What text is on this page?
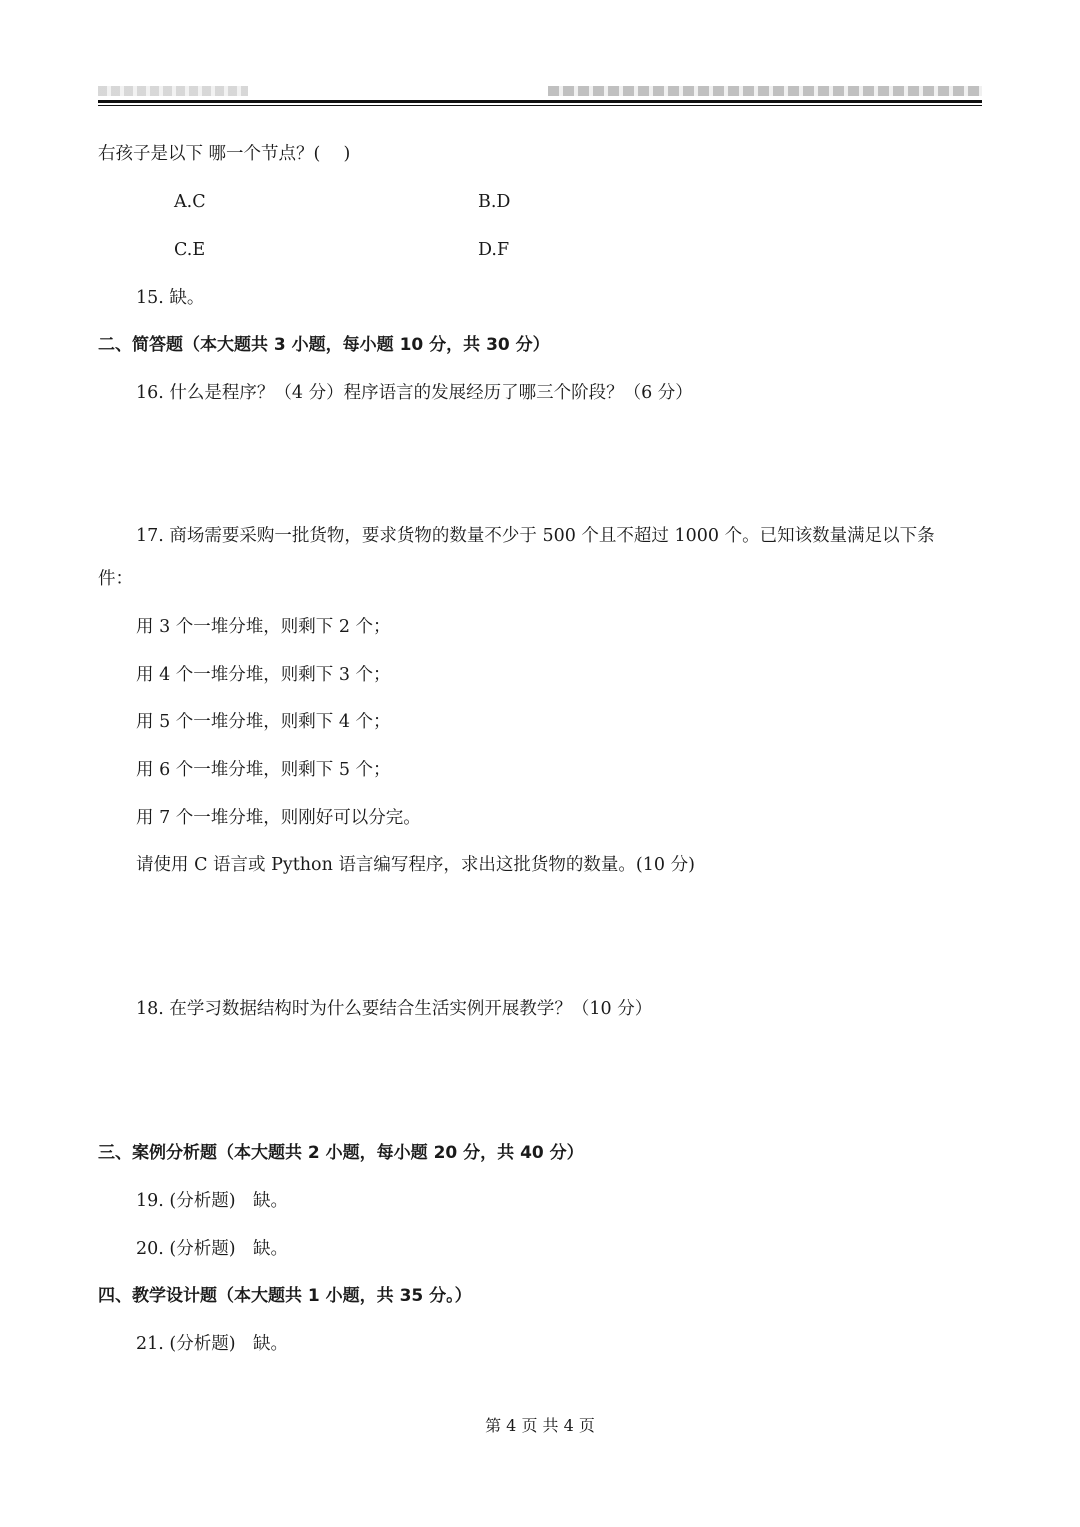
右孩子是以下 哪一个节点？(　 )
A.C	B.D
C.E	D.F
15. 缺。
二、简答题（本大题共 3 小题，每小题 10 分，共 30 分）
16. 什么是程序？（4 分）程序语言的发展经历了哪三个阶段？（6 分）
17. 商场需要采购一批货物，要求货物的数量不少于 500 个且不超过 1000 个。已知该数量满足以下条
件：
用 3 个一堆分堆，则剩下 2 个；
用 4 个一堆分堆，则剩下 3 个；
用 5 个一堆分堆，则剩下 4 个；
用 6 个一堆分堆，则剩下 5 个；
用 7 个一堆分堆，则刚好可以分完。
请使用 C 语言或 Python 语言编写程序，求出这批货物的数量。(10 分)
18. 在学习数据结构时为什么要结合生活实例开展教学？（10 分）
三、案例分析题（本大题共 2 小题，每小题 20 分，共 40 分）
19. (分析题)　缺。
20. (分析题)　缺。
四、教学设计题（本大题共 1 小题，共 35 分。）
21. (分析题)　缺。
第 4 页 共 4 页
